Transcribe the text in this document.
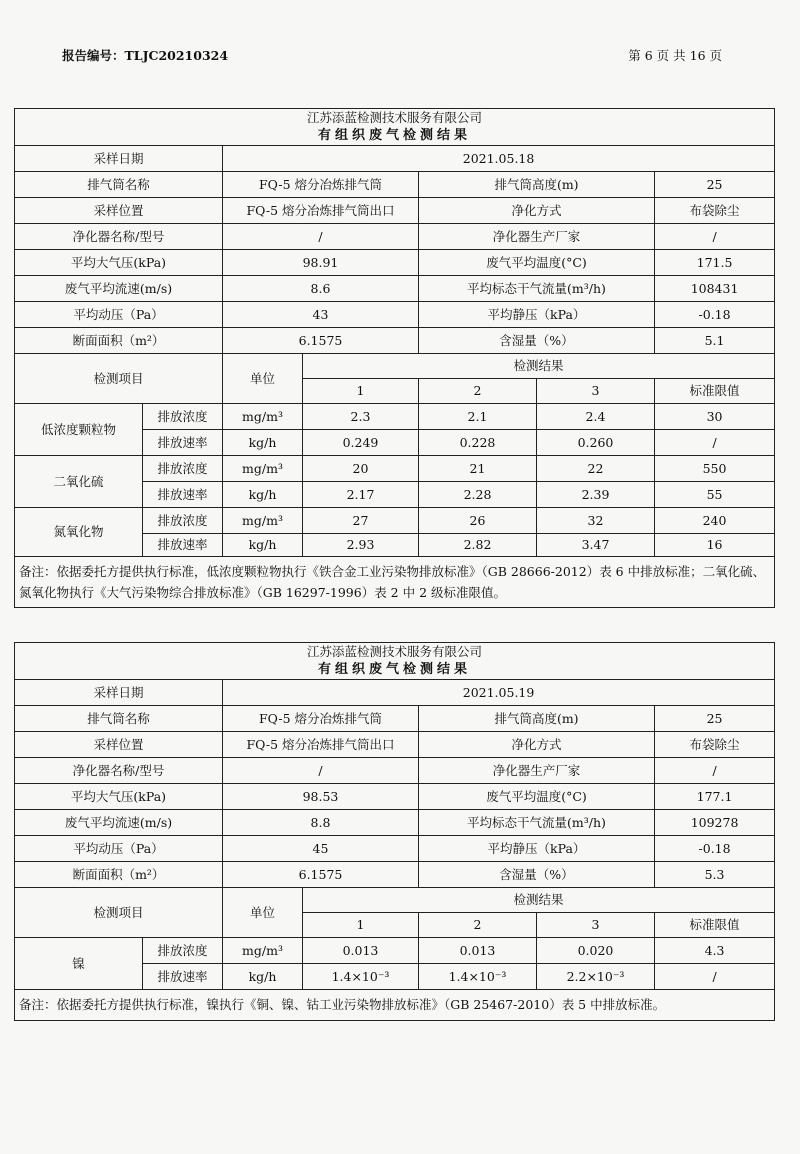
报告编号：TLJC20210324	第 6 页 共 16 页
江苏添蓝检测技术服务有限公司						
有组织废气检测结果						
采样日期		2021.05.18				
排气筒名称		FQ-5 熔分冶炼排气筒		排气筒高度(m)		25
采样位置		FQ-5 熔分冶炼排气筒出口		净化方式		布袋除尘
净化器名称/型号		/		净化器生产厂家		/
平均大气压(kPa)		98.91		废气平均温度(°C)		171.5
废气平均流速(m/s)		8.6		平均标态干气流量(m³/h)		108431
平均动压（Pa）		43		平均静压（kPa）		-0.18
断面面积（m²）		6.1575		含湿量（%）		5.1
检测项目		单位	检测结果			
			1	2	3	标准限值
低浓度颗粒物	排放浓度	mg/m³	2.3	2.1	2.4	30
	排放速率	kg/h	0.249	0.228	0.260	/
二氧化硫	排放浓度	mg/m³	20	21	22	550
	排放速率	kg/h	2.17	2.28	2.39	55
氮氧化物	排放浓度	mg/m³	27	26	32	240
	排放速率	kg/h	2.93	2.82	3.47	16
备注：依据委托方提供执行标准，低浓度颗粒物执行《铁合金工业污染物排放标准》（GB 28666-2012）表 6 中排放标准；二氧化硫、氮氧化物执行《大气污染物综合排放标准》（GB 16297-1996）表 2 中 2 级标准限值。						
江苏添蓝检测技术服务有限公司						
有组织废气检测结果						
采样日期		2021.05.19				
排气筒名称		FQ-5 熔分冶炼排气筒		排气筒高度(m)		25
采样位置		FQ-5 熔分冶炼排气筒出口		净化方式		布袋除尘
净化器名称/型号		/		净化器生产厂家		/
平均大气压(kPa)		98.53		废气平均温度(°C)		177.1
废气平均流速(m/s)		8.8		平均标态干气流量(m³/h)		109278
平均动压（Pa）		45		平均静压（kPa）		-0.18
断面面积（m²）		6.1575		含湿量（%）		5.3
检测项目		单位	检测结果			
			1	2	3	标准限值
镍	排放浓度	mg/m³	0.013	0.013	0.020	4.3
	排放速率	kg/h	1.4×10⁻³	1.4×10⁻³	2.2×10⁻³	/
备注：依据委托方提供执行标准，镍执行《铜、镍、钴工业污染物排放标准》（GB 25467-2010）表 5 中排放标准。						
